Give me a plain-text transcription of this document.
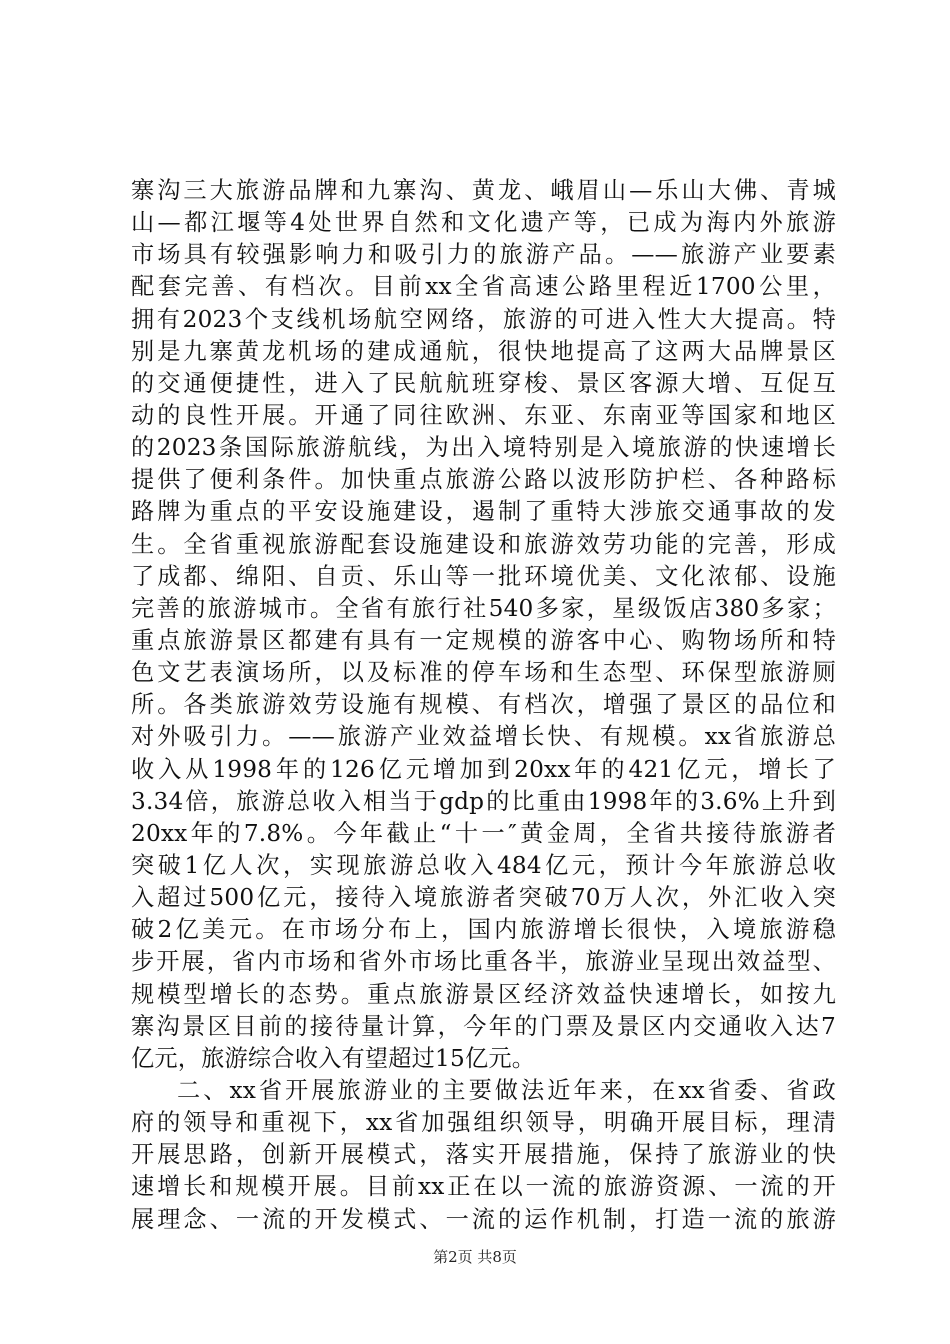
寨沟三大旅游品牌和九寨沟、黄龙、峨眉山—乐山大佛、青城
山—都江堰等4处世界自然和文化遗产等，已成为海内外旅游
市场具有较强影响力和吸引力的旅游产品。——旅游产业要素
配套完善、有档次。目前xx全省高速公路里程近1700公里，
拥有2023个支线机场航空网络，旅游的可进入性大大提高。特
别是九寨黄龙机场的建成通航，很快地提高了这两大品牌景区
的交通便捷性，进入了民航航班穿梭、景区客源大增、互促互
动的良性开展。开通了同往欧洲、东亚、东南亚等国家和地区
的2023条国际旅游航线，为出入境特别是入境旅游的快速增长
提供了便利条件。加快重点旅游公路以波形防护栏、各种路标
路牌为重点的平安设施建设，遏制了重特大涉旅交通事故的发
生。全省重视旅游配套设施建设和旅游效劳功能的完善，形成
了成都、绵阳、自贡、乐山等一批环境优美、文化浓郁、设施
完善的旅游城市。全省有旅行社540多家，星级饭店380多家；
重点旅游景区都建有具有一定规模的游客中心、购物场所和特
色文艺表演场所，以及标准的停车场和生态型、环保型旅游厕
所。各类旅游效劳设施有规模、有档次，增强了景区的品位和
对外吸引力。——旅游产业效益增长快、有规模。xx省旅游总
收入从1998年的126亿元增加到20xx年的421亿元，增长了
3.34倍，旅游总收入相当于gdp的比重由1998年的3.6%上升到
20xx年的7.8%。今年截止“十一″黄金周，全省共接待旅游者
突破1亿人次，实现旅游总收入484亿元，预计今年旅游总收
入超过500亿元，接待入境旅游者突破70万人次，外汇收入突
破2亿美元。在市场分布上，国内旅游增长很快，入境旅游稳
步开展，省内市场和省外市场比重各半，旅游业呈现出效益型、
规模型增长的态势。重点旅游景区经济效益快速增长，如按九
寨沟景区目前的接待量计算，今年的门票及景区内交通收入达7
亿元，旅游综合收入有望超过15亿元。
二、xx省开展旅游业的主要做法近年来，在xx省委、省政
府的领导和重视下，xx省加强组织领导，明确开展目标，理清
开展思路，创新开展模式，落实开展措施，保持了旅游业的快
速增长和规模开展。目前xx正在以一流的旅游资源、一流的开
展理念、一流的开发模式、一流的运作机制，打造一流的旅游
第2页 共8页
